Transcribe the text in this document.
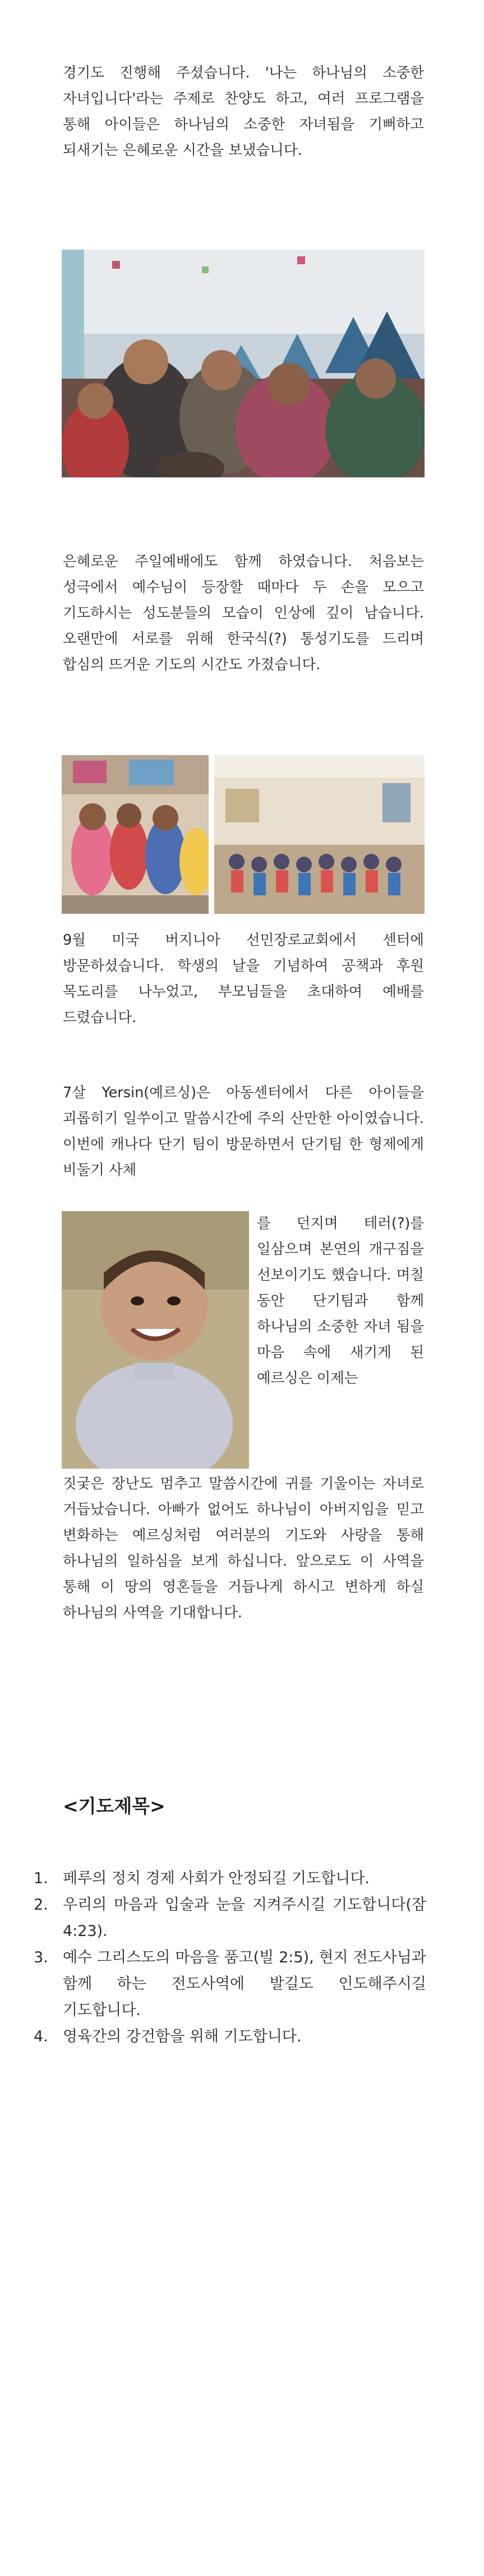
경기도 진행해 주셨습니다. '나는 하나님의 소중한 자녀입니다'라는 주제로 찬양도 하고, 여러 프로그램을 통해 아이들은 하나님의 소중한 자녀됨을 기뻐하고 되새기는 은혜로운 시간을 보냈습니다.

은혜로운 주일예배에도 함께 하였습니다. 처음보는 성극에서 예수님이 등장할 때마다 두 손을 모으고 기도하시는 성도분들의 모습이 인상에 깊이 남습니다. 오랜만에 서로를 위해 한국식(?) 통성기도를 드리며 합심의 뜨거운 기도의 시간도 가졌습니다.

9월 미국 버지니아 선민장로교회에서 센터에 방문하셨습니다. 학생의 날을 기념하여 공책과 후원 목도리를 나누었고, 부모님들을 초대하여 예배를 드렸습니다.

7살 Yersin(예르싱)은 아동센터에서 다른 아이들을 괴롭히기 일쑤이고 말씀시간에 주의 산만한 아이였습니다. 이번에 캐나다 단기 팀이 방문하면서 단기팀 한 형제에게 비둘기 사체

를 던지며 테러(?)를 일삼으며 본연의 개구짐을 선보이기도 했습니다. 며칠 동안 단기팀과 함께 하나님의 소중한 자녀 됨을 마음 속에 새기게 된 예르싱은 이제는

짓궂은 장난도 멈추고 말씀시간에 귀를 기울이는 자녀로 거듭났습니다. 아빠가 없어도 하나님이 아버지임을 믿고 변화하는 예르싱처럼 여러분의 기도와 사랑을 통해 하나님의 일하심을 보게 하십니다. 앞으로도 이 사역을 통해 이 땅의 영혼들을 거듭나게 하시고 변하게 하실 하나님의 사역을 기대합니다.

<기도제목>
1. 페루의 정치 경제 사회가 안정되길 기도합니다.
2. 우리의 마음과 입술과 눈을 지켜주시길 기도합니다(잠 4:23).
3. 예수 그리스도의 마음을 품고(빌 2:5), 현지 전도사님과 함께 하는 전도사역에 발길도 인도해주시길 기도합니다.
4. 영육간의 강건함을 위해 기도합니다.
